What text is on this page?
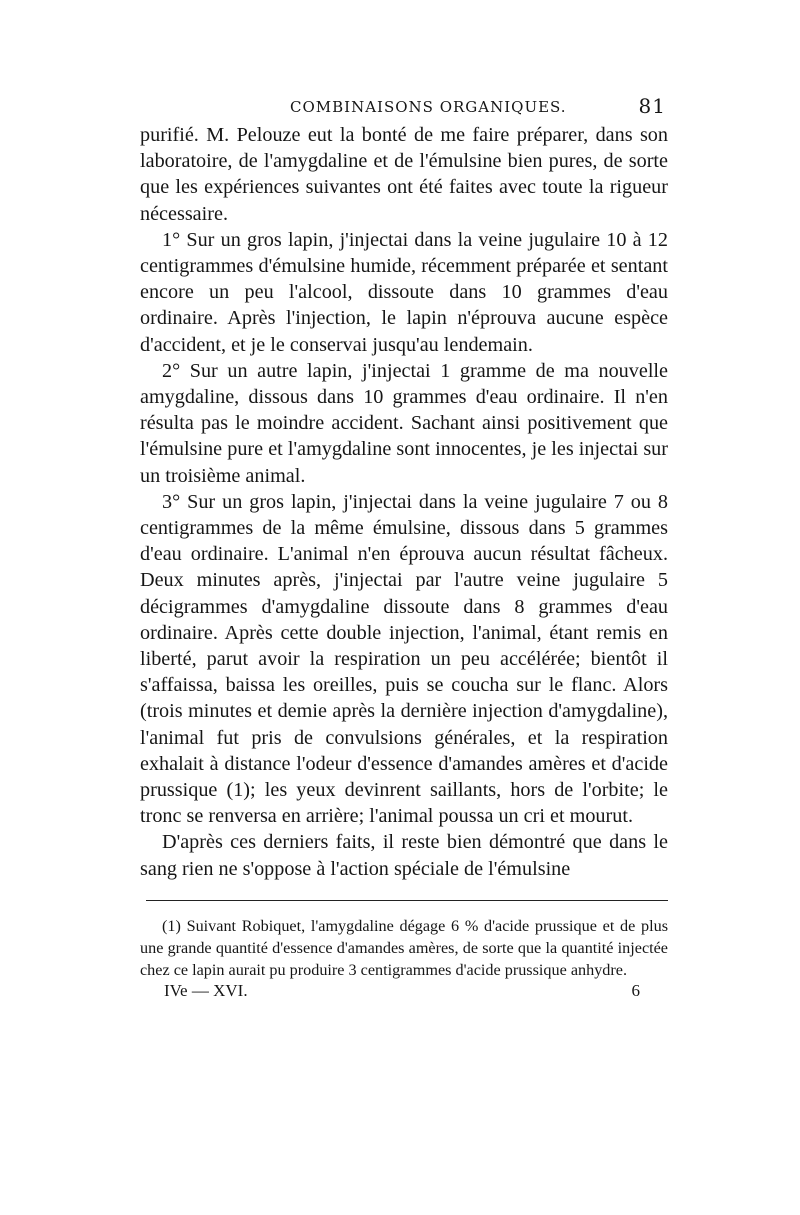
COMBINAISONS ORGANIQUES.	81

purifié. M. Pelouze eut la bonté de me faire préparer, dans son laboratoire, de l'amygdaline et de l'émulsine bien pures, de sorte que les expériences suivantes ont été faites avec toute la rigueur nécessaire.

1° Sur un gros lapin, j'injectai dans la veine jugulaire 10 à 12 centigrammes d'émulsine humide, récemment préparée et sentant encore un peu l'alcool, dissoute dans 10 grammes d'eau ordinaire. Après l'injection, le lapin n'éprouva aucune espèce d'accident, et je le conservai jusqu'au lendemain.

2° Sur un autre lapin, j'injectai 1 gramme de ma nouvelle amygdaline, dissous dans 10 grammes d'eau ordinaire. Il n'en résulta pas le moindre accident. Sachant ainsi positivement que l'émulsine pure et l'amygdaline sont innocentes, je les injectai sur un troisième animal.

3° Sur un gros lapin, j'injectai dans la veine jugulaire 7 ou 8 centigrammes de la même émulsine, dissous dans 5 grammes d'eau ordinaire. L'animal n'en éprouva aucun résultat fâcheux. Deux minutes après, j'injectai par l'autre veine jugulaire 5 décigrammes d'amygdaline dissoute dans 8 grammes d'eau ordinaire. Après cette double injection, l'animal, étant remis en liberté, parut avoir la respiration un peu accélérée; bientôt il s'affaissa, baissa les oreilles, puis se coucha sur le flanc. Alors (trois minutes et demie après la dernière injection d'amygdaline), l'animal fut pris de convulsions générales, et la respiration exhalait à distance l'odeur d'essence d'amandes amères et d'acide prussique (1); les yeux devinrent saillants, hors de l'orbite; le tronc se renversa en arrière; l'animal poussa un cri et mourut.

D'après ces derniers faits, il reste bien démontré que dans le sang rien ne s'oppose à l'action spéciale de l'émulsine

(1) Suivant Robiquet, l'amygdaline dégage 6 % d'acide prussique et de plus une grande quantité d'essence d'amandes amères, de sorte que la quantité injectée chez ce lapin aurait pu produire 3 centigrammes d'acide prussique anhydre.

IVe — XVI.	6
